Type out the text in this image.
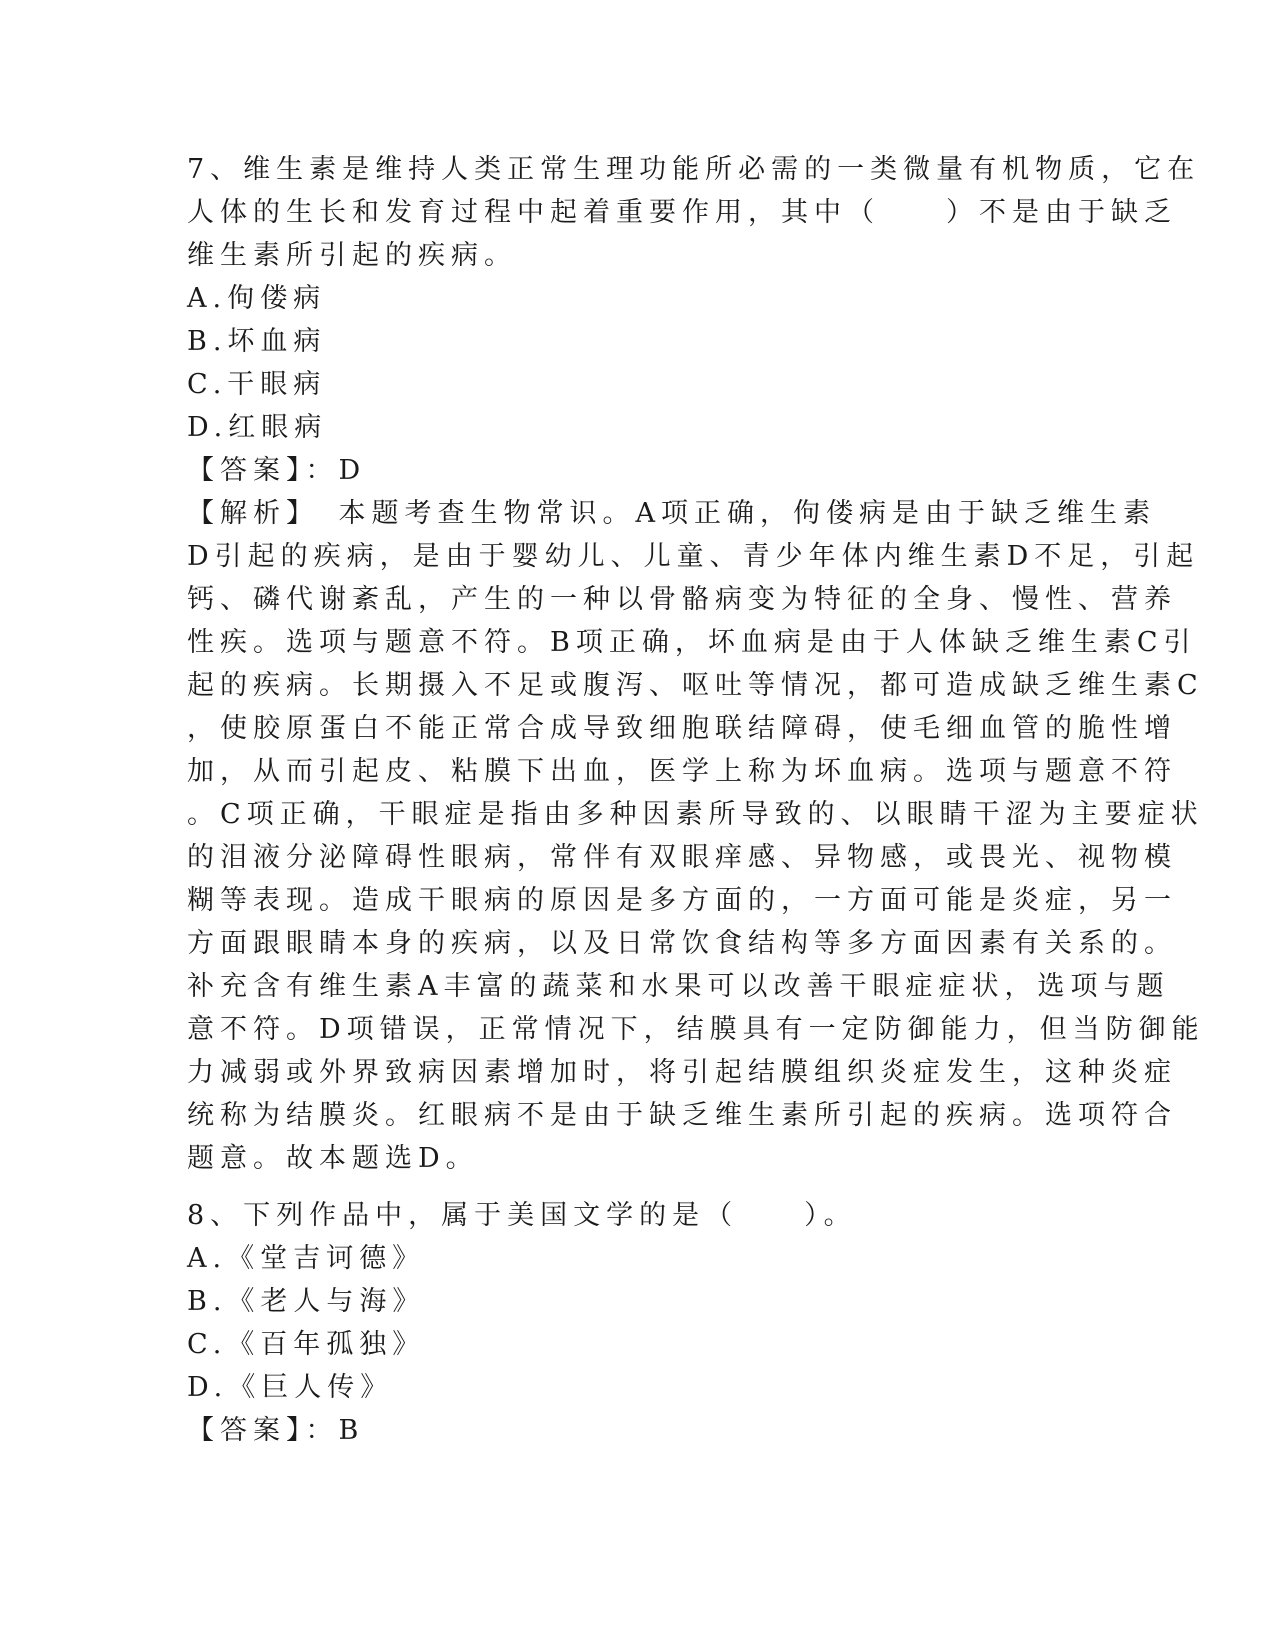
7、维生素是维持人类正常生理功能所必需的一类微量有机物质，它在
人体的生长和发育过程中起着重要作用，其中（　　）不是由于缺乏
维生素所引起的疾病。
A.佝偻病
B.坏血病
C.干眼病
D.红眼病
【答案】：D
【解析】　本题考查生物常识。A项正确，佝偻病是由于缺乏维生素
D引起的疾病，是由于婴幼儿、儿童、青少年体内维生素D不足，引起
钙、磷代谢紊乱，产生的一种以骨骼病变为特征的全身、慢性、营养
性疾。选项与题意不符。B项正确，坏血病是由于人体缺乏维生素C引
起的疾病。长期摄入不足或腹泻、呕吐等情况，都可造成缺乏维生素C
，使胶原蛋白不能正常合成导致细胞联结障碍，使毛细血管的脆性增
加，从而引起皮、粘膜下出血，医学上称为坏血病。选项与题意不符
。C项正确，干眼症是指由多种因素所导致的、以眼睛干涩为主要症状
的泪液分泌障碍性眼病，常伴有双眼痒感、异物感，或畏光、视物模
糊等表现。造成干眼病的原因是多方面的，一方面可能是炎症，另一
方面跟眼睛本身的疾病，以及日常饮食结构等多方面因素有关系的。
补充含有维生素A丰富的蔬菜和水果可以改善干眼症症状，选项与题
意不符。D项错误，正常情况下，结膜具有一定防御能力，但当防御能
力减弱或外界致病因素增加时，将引起结膜组织炎症发生，这种炎症
统称为结膜炎。红眼病不是由于缺乏维生素所引起的疾病。选项符合
题意。故本题选D。
8、下列作品中，属于美国文学的是（　　）。
A.《堂吉诃德》
B.《老人与海》
C.《百年孤独》
D.《巨人传》
【答案】：B
